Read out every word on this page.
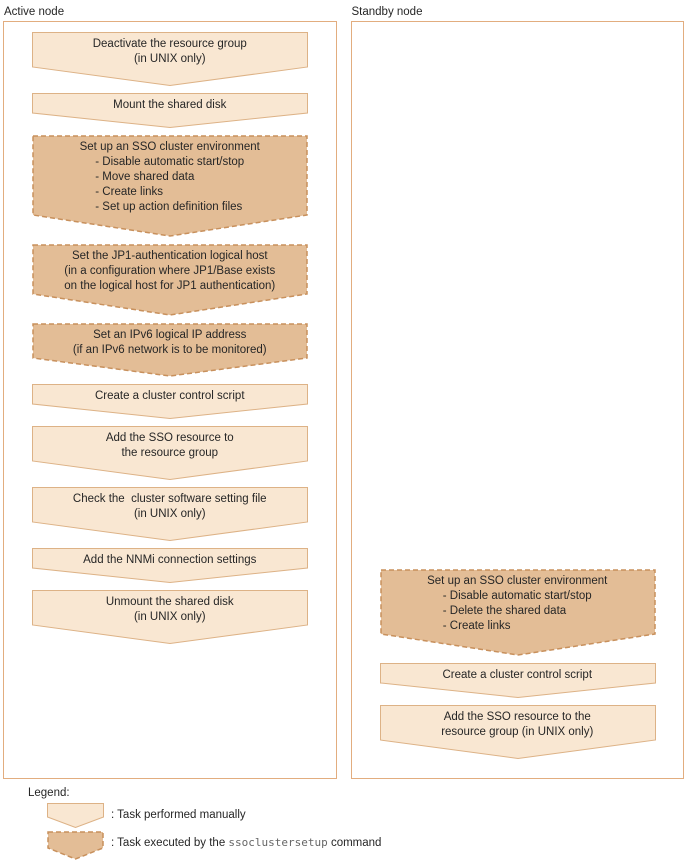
Active node
Deactivate the resource group
(in UNIX only)
Mount the shared disk
Set up an SSO cluster environment
- Disable automatic start/stop
- Move shared data
- Create links
- Set up action definition files
Set the JP1-authentication logical host
(in a configuration where JP1/Base exists
on the logical host for JP1 authentication)
Set an IPv6 logical IP address
(if an IPv6 network is to be monitored)
Create a cluster control script
Add the SSO resource to
the resource group
Check the  cluster software setting file
(in UNIX only)
Add the NNMi connection settings
Unmount the shared disk
(in UNIX only)
Standby node
Set up an SSO cluster environment
- Disable automatic start/stop
- Delete the shared data
- Create links
Create a cluster control script
Add the SSO resource to the
resource group (in UNIX only)
Legend:
: Task performed manually
: Task executed by the ssoclustersetup command
